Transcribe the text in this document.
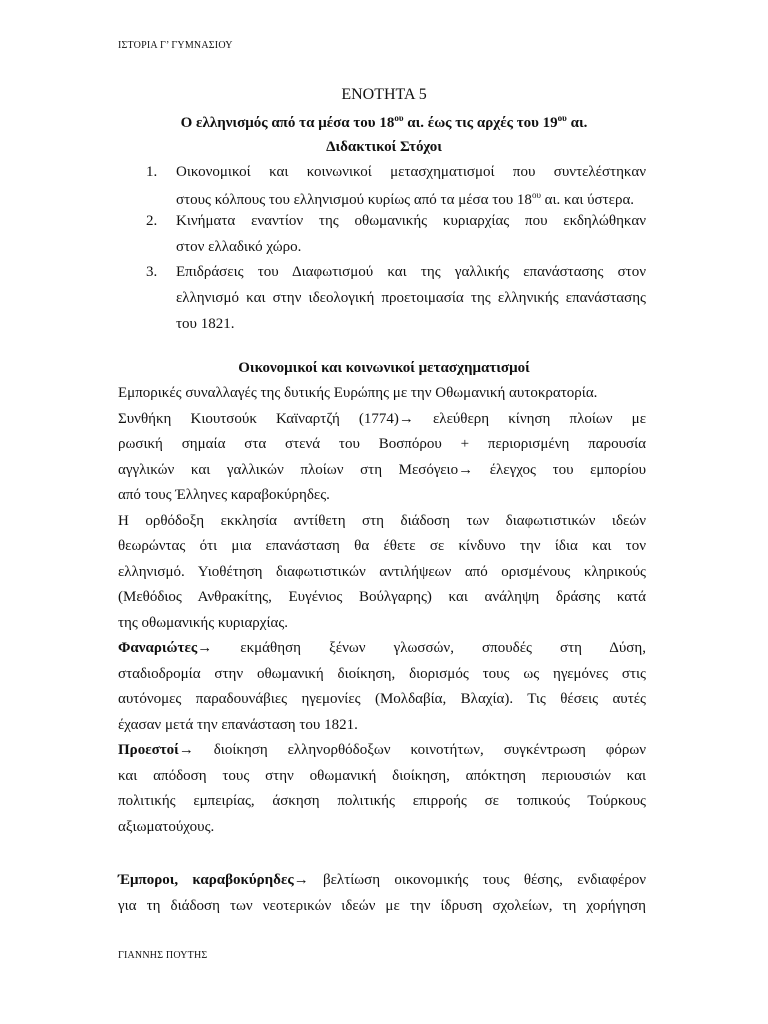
ΙΣΤΟΡΙΑ Γ’ ΓΥΜΝΑΣΙΟΥ
ΕΝΟΤΗΤΑ 5
Ο ελληνισμός από τα μέσα του $18^{o\upsilon}$ αι. έως τις αρχές του $19^{o\upsilon}$ αι.
Διδακτικοί Στόχοι
1. Οικονομικοί και κοινωνικοί μετασχηματισμοί που συντελέστηκαν
στους κόλπους του ελληνισμού κυρίως από τα μέσα του $18^{o\upsilon}$ αι. και ύστερα.
2. Κινήματα εναντίον της οθωμανικής κυριαρχίας που εκδηλώθηκαν
στον ελλαδικό χώρο.
3. Επιδράσεις του Διαφωτισμού και της γαλλικής επανάστασης στον
ελληνισμό και στην ιδεολογική προετοιμασία της ελληνικής επανάστασης
του 1821.
Οικονομικοί και κοινωνικοί μετασχηματισμοί
Εμπορικές συναλλαγές της δυτικής Ευρώπης με την Οθωμανική αυτοκρατορία.
Συνθήκη Κιουτσούκ Καϊναρτζή (1774)→ ελεύθερη κίνηση πλοίων με
ρωσική σημαία στα στενά του Βοσπόρου + περιορισμένη παρουσία
αγγλικών και γαλλικών πλοίων στη Μεσόγειο→ έλεγχος του εμπορίου
από τους Έλληνες καραβοκύρηδες.
Η ορθόδοξη εκκλησία αντίθετη στη διάδοση των διαφωτιστικών ιδεών
θεωρώντας ότι μια επανάσταση θα έθετε σε κίνδυνο την ίδια και τον
ελληνισμό. Υιοθέτηση διαφωτιστικών αντιλήψεων από ορισμένους κληρικούς
(Μεθόδιος Ανθρακίτης, Ευγένιος Βούλγαρης) και ανάληψη δράσης κατά
της οθωμανικής κυριαρχίας.
Φαναριώτες→ εκμάθηση ξένων γλωσσών, σπουδές στη Δύση,
σταδιοδρομία στην οθωμανική διοίκηση, διορισμός τους ως ηγεμόνες στις
αυτόνομες παραδουνάβιες ηγεμονίες (Μολδαβία, Βλαχία). Τις θέσεις αυτές
έχασαν μετά την επανάσταση του 1821.
Προεστοί→ διοίκηση ελληνορθόδοξων κοινοτήτων, συγκέντρωση φόρων
και απόδοση τους στην οθωμανική διοίκηση, απόκτηση περιουσιών και
πολιτικής εμπειρίας, άσκηση πολιτικής επιρροής σε τοπικούς Τούρκους
αξιωματούχους.
Έμποροι, καραβοκύρηδες→ βελτίωση οικονομικής τους θέσης, ενδιαφέρον
για τη διάδοση των νεοτερικών ιδεών με την ίδρυση σχολείων, τη χορήγηση
ΓΙΑΝΝΗΣ ΠΟΥΤΗΣ
